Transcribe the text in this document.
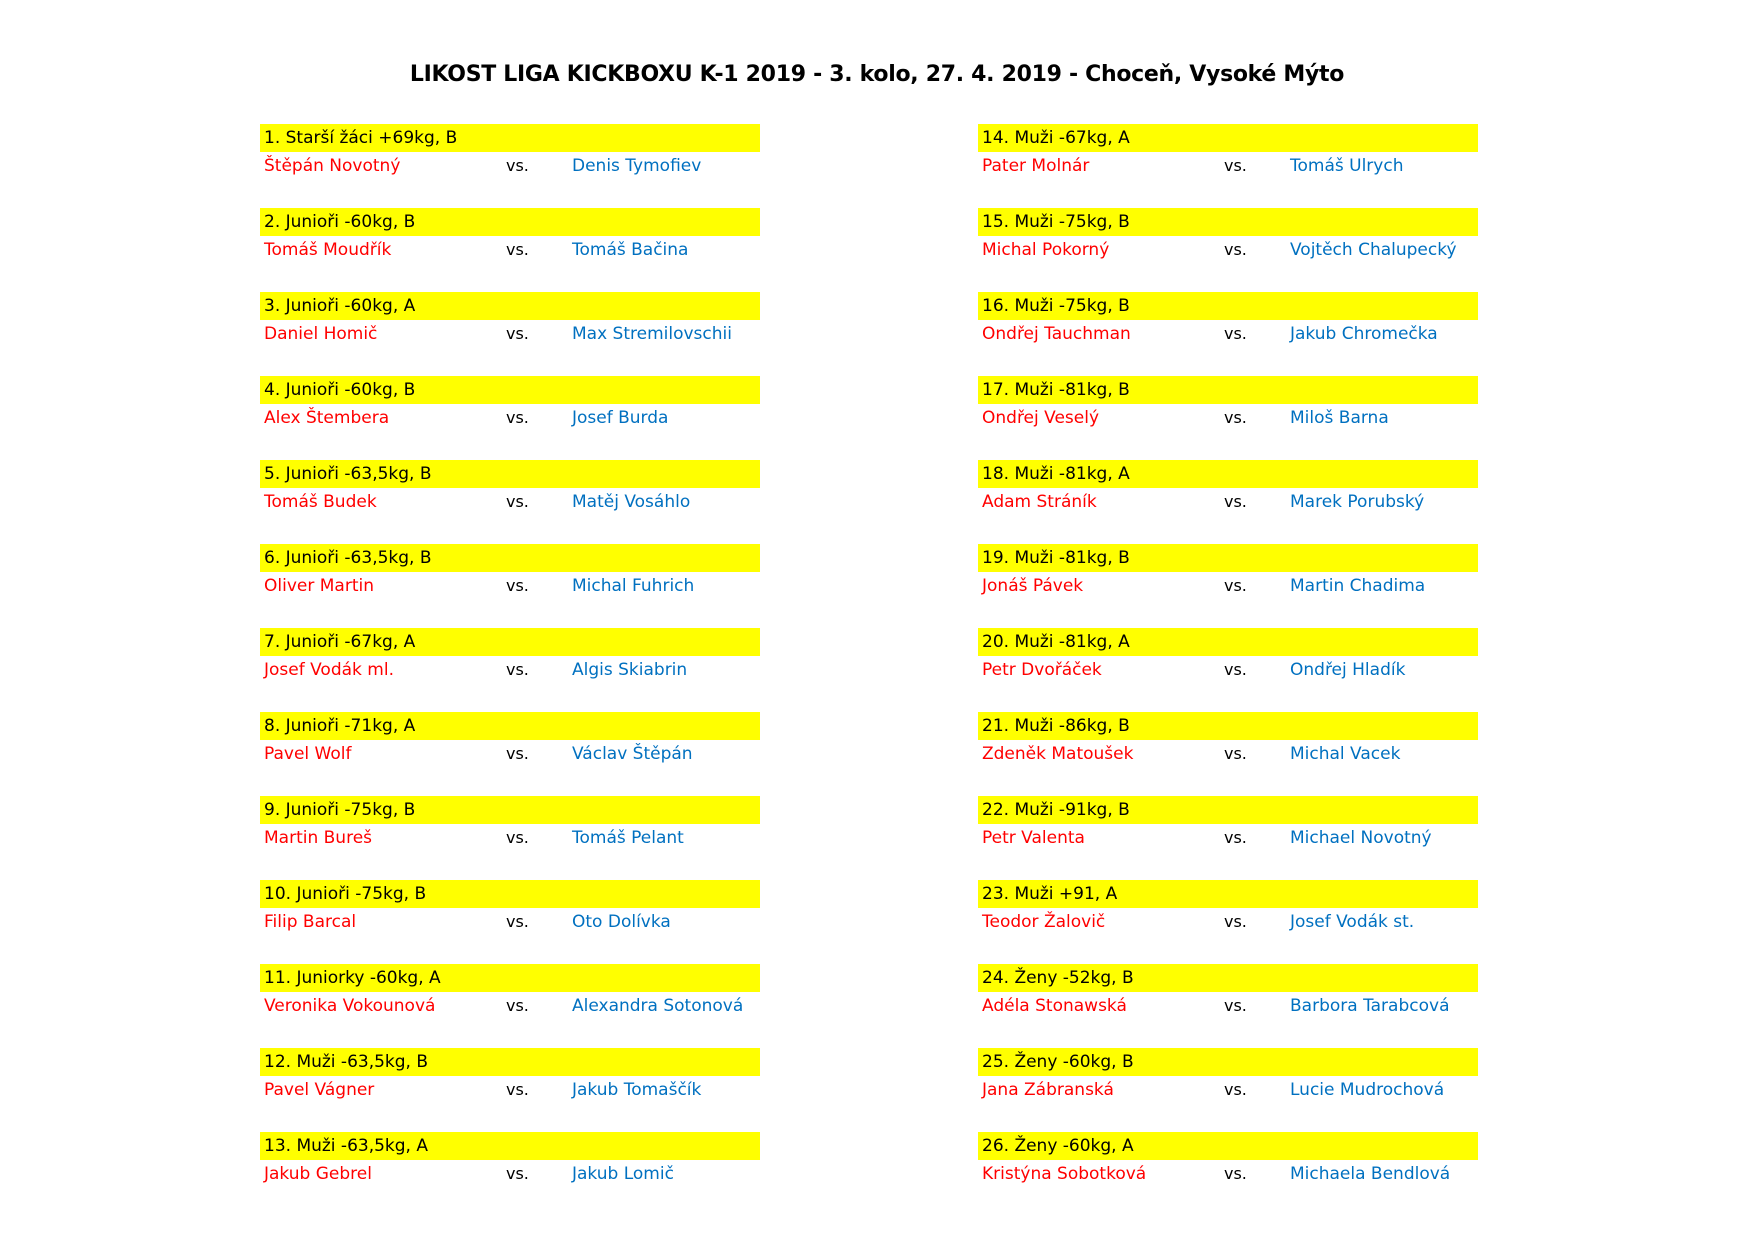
LIKOST LIGA KICKBOXU K-1 2019 - 3. kolo, 27. 4. 2019 - Choceň, Vysoké Mýto
1. Starší žáci +69kg, B
Štěpán Novotný	vs.	Denis Tymofiev
2. Junioři -60kg, B
Tomáš Moudřík	vs.	Tomáš Bačina
3. Junioři -60kg, A
Daniel Homič	vs.	Max Stremilovschii
4. Junioři -60kg, B
Alex Štembera	vs.	Josef Burda
5. Junioři -63,5kg, B
Tomáš Budek	vs.	Matěj Vosáhlo
6. Junioři -63,5kg, B
Oliver Martin	vs.	Michal Fuhrich
7. Junioři -67kg, A
Josef Vodák ml.	vs.	Algis Skiabrin
8. Junioři -71kg, A
Pavel Wolf	vs.	Václav Štěpán
9. Junioři -75kg, B
Martin Bureš	vs.	Tomáš Pelant
10. Junioři -75kg, B
Filip Barcal	vs.	Oto Dolívka
11. Juniorky -60kg, A
Veronika Vokounová	vs.	Alexandra Sotonová
12. Muži -63,5kg, B
Pavel Vágner	vs.	Jakub Tomaščík
13. Muži -63,5kg, A
Jakub Gebrel	vs.	Jakub Lomič
14. Muži -67kg, A
Pater Molnár	vs.	Tomáš Ulrych
15. Muži -75kg, B
Michal Pokorný	vs.	Vojtěch Chalupecký
16. Muži -75kg, B
Ondřej Tauchman	vs.	Jakub Chromečka
17. Muži -81kg, B
Ondřej Veselý	vs.	Miloš Barna
18. Muži -81kg, A
Adam Stráník	vs.	Marek Porubský
19. Muži -81kg, B
Jonáš Pávek	vs.	Martin Chadima
20. Muži -81kg, A
Petr Dvořáček	vs.	Ondřej Hladík
21. Muži -86kg, B
Zdeněk Matoušek	vs.	Michal Vacek
22. Muži -91kg, B
Petr Valenta	vs.	Michael Novotný
23. Muži +91, A
Teodor Žalovič	vs.	Josef Vodák st.
24. Ženy -52kg, B
Adéla Stonawská	vs.	Barbora Tarabcová
25. Ženy -60kg, B
Jana Zábranská	vs.	Lucie Mudrochová
26. Ženy -60kg, A
Kristýna Sobotková	vs.	Michaela Bendlová
